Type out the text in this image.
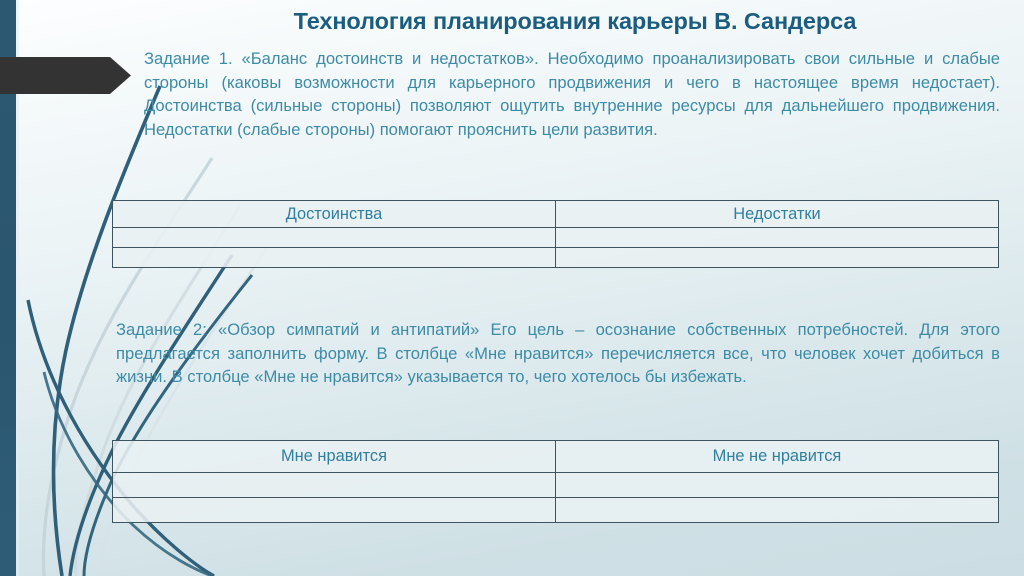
Технология планирования карьеры В. Сандерса
Задание 1. «Баланс достоинств и недостатков». Необходимо проанализировать свои сильные и слабые стороны (каковы возможности для карьерного продвижения и чего в настоящее время недостает). Достоинства (сильные стороны) позволяют ощутить внутренние ресурсы для дальнейшего продвижения. Недостатки (слабые стороны) помогают прояснить цели развития.
Достоинства	Недостатки

Задание 2: «Обзор симпатий и антипатий» Его цель – осознание собственных потребностей. Для этого предлагается заполнить форму. В столбце «Мне нравится» перечисляется все, что человек хочет добиться в жизни. В столбце «Мне не нравится» указывается то, чего хотелось бы избежать.
Мне нравится	Мне не нравится
